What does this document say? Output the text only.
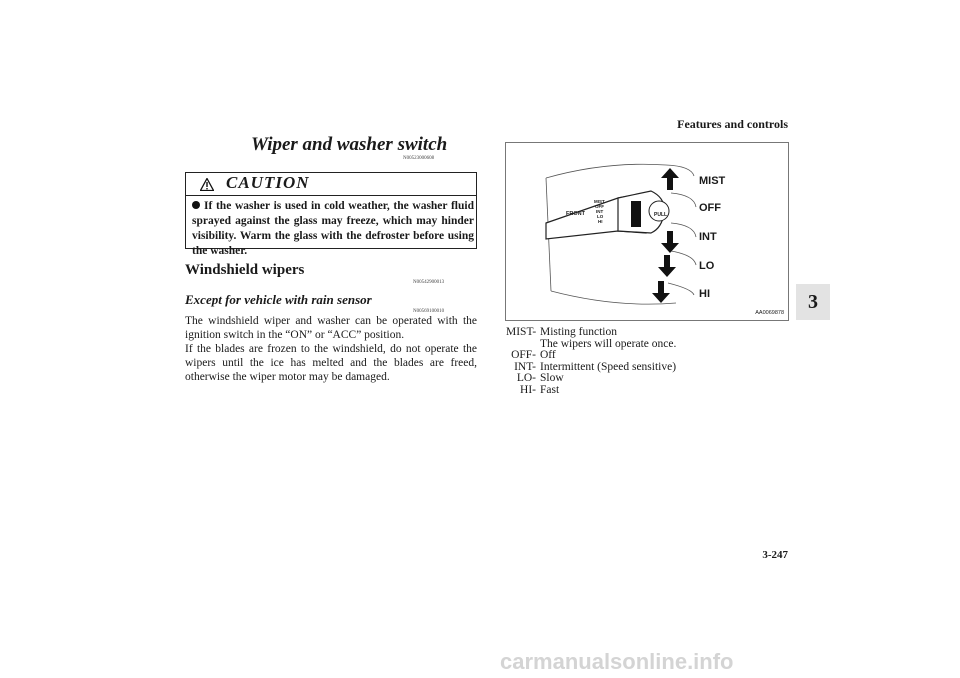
Features and controls
3
Wiper and washer switch
N00523000608
CAUTION
If the washer is used in cold weather, the washer fluid sprayed against the glass may freeze, which may hinder visibility. Warm the glass with the defroster before using the washer.
Windshield wipers
N00542900013
Except for vehicle with rain sensor
N00569100010

The windshield wiper and washer can be operated with the ignition switch in the “ON” or “ACC” position.

If the blades are frozen to the windshield, do not operate the wipers until the ice has melted and the blades are freed, otherwise the wiper motor may be damaged.

FRONT
MIST
OFF
INT
LO
HI
PULL
MIST
OFF
INT
LO
HI
AA0069878
MIST- Misting function
The wipers will operate once.
OFF- Off
INT- Intermittent (Speed sensitive)
LO- Slow
HI- Fast
3-247
carmanualsonline.info
